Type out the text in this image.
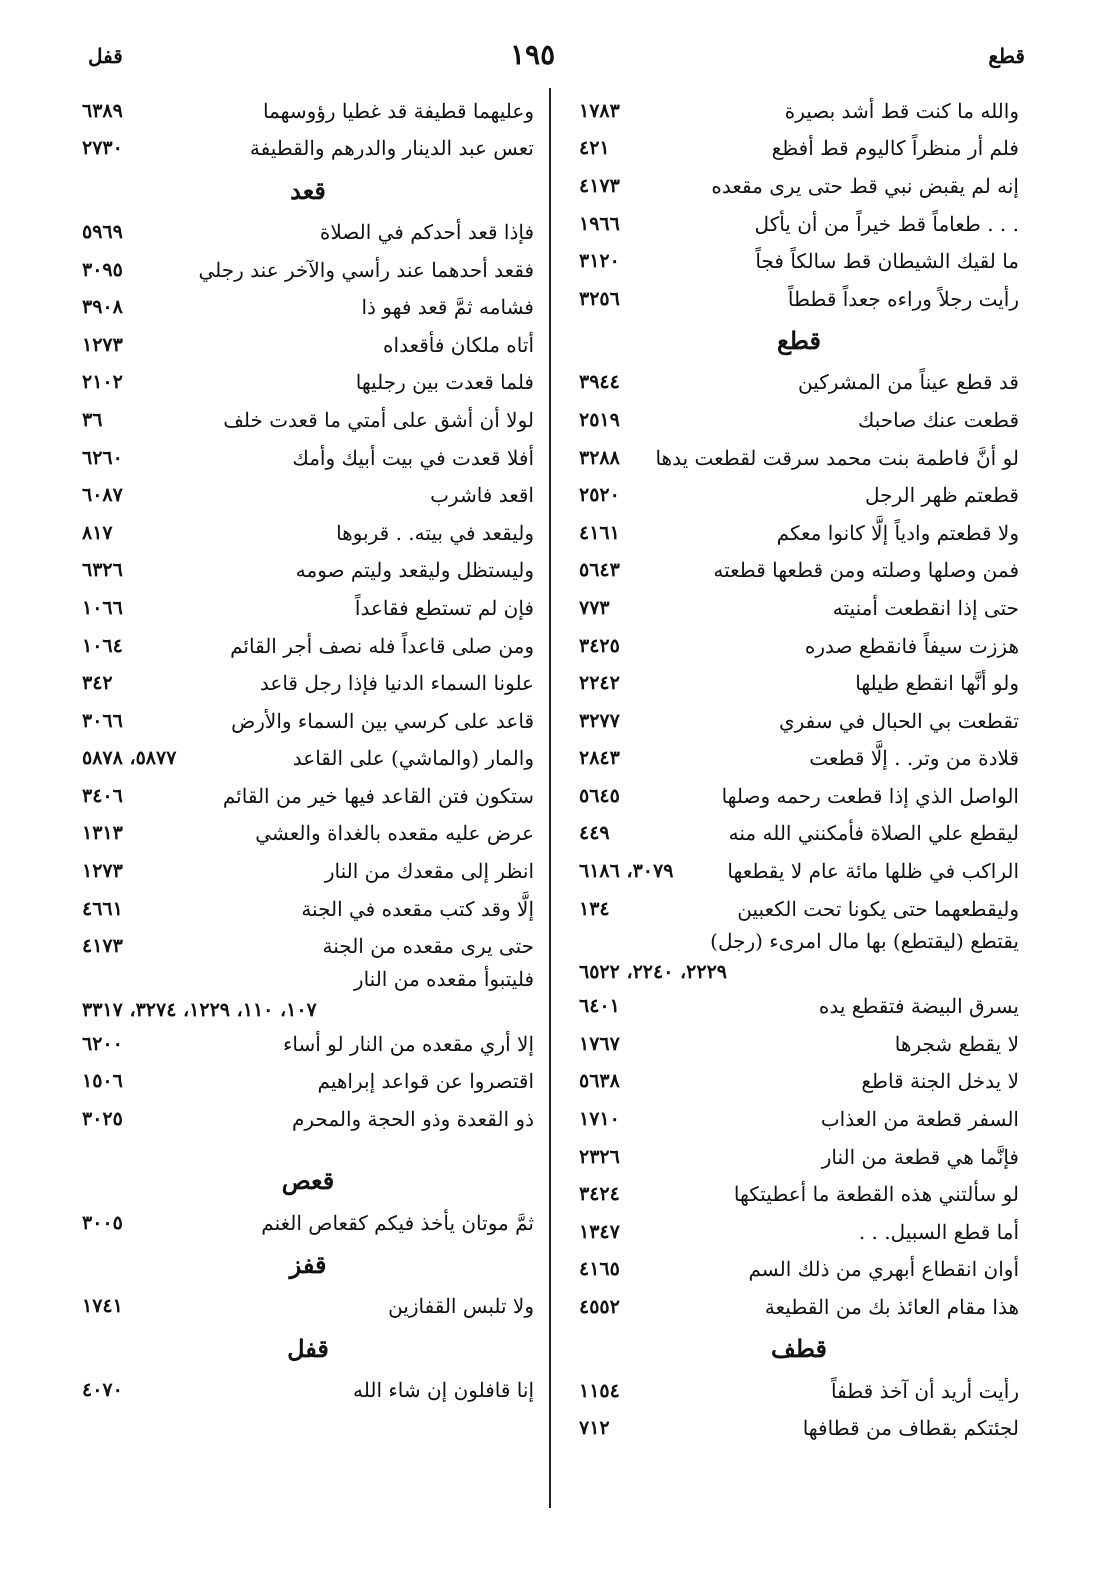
قطع
١٩٥
قفل
والله ما كنت قط أشد بصيرة
١٧٨٣
فلم أر منظراً كاليوم قط أفظع
٤٢١
إنه لم يقبض نبي قط حتى يرى مقعده
٤١٧٣
. . . طعاماً قط خيراً من أن يأكل
١٩٦٦
ما لقيك الشيطان قط سالكاً فجاً
٣١٢٠
رأيت رجلاً وراءه جعداً قططاً
٣٢٥٦
قطع
قد قطع عيناً من المشركين
٣٩٤٤
قطعت عنك صاحبك
٢٥١٩
لو أنَّ فاطمة بنت محمد سرقت لقطعت يدها
٣٢٨٨
قطعتم ظهر الرجل
٢٥٢٠
ولا قطعتم وادياً إلَّا كانوا معكم
٤١٦١
فمن وصلها وصلته ومن قطعها قطعته
٥٦٤٣
حتى إذا انقطعت أمنيته
٧٧٣
هززت سيفاً فانقطع صدره
٣٤٢٥
ولو أنَّها انقطع طيلها
٢٢٤٢
تقطعت بي الحبال في سفري
٣٢٧٧
قلادة من وتر. . إلَّا قطعت
٢٨٤٣
الواصل الذي إذا قطعت رحمه وصلها
٥٦٤٥
ليقطع علي الصلاة فأمكنني الله منه
٤٤٩
الراكب في ظلها مائة عام لا يقطعها
٣٠٧٩، ٦١٨٦
وليقطعهما حتى يكونا تحت الكعبين
١٣٤
يقتطع (ليقتطع) بها مال امرىء (رجل)
٢٢٢٩، ٢٢٤٠، ٦٥٢٢
يسرق البيضة فتقطع يده
٦٤٠١
لا يقطع شجرها
١٧٦٧
لا يدخل الجنة قاطع
٥٦٣٨
السفر قطعة من العذاب
١٧١٠
فإنَّما هي قطعة من النار
٢٣٢٦
لو سألتني هذه القطعة ما أعطيتكها
٣٤٢٤
أما قطع السبيل. . .
١٣٤٧
أوان انقطاع أبهري من ذلك السم
٤١٦٥
هذا مقام العائذ بك من القطيعة
٤٥٥٢
قطف
رأيت أريد أن آخذ قطفاً
١١٥٤
لجئتكم بقطاف من قطافها
٧١٢
وعليهما قطيفة قد غطيا رؤوسهما
٦٣٨٩
تعس عبد الدينار والدرهم والقطيفة
٢٧٣٠
قعد
فإذا قعد أحدكم في الصلاة
٥٩٦٩
فقعد أحدهما عند رأسي والآخر عند رجلي
٣٠٩٥
فشامه ثمَّ قعد فهو ذا
٣٩٠٨
أتاه ملكان فأقعداه
١٢٧٣
فلما قعدت بين رجليها
٢١٠٢
لولا أن أشق على أمتي ما قعدت خلف
٣٦
أفلا قعدت في بيت أبيك وأمك
٦٢٦٠
اقعد فاشرب
٦٠٨٧
وليقعد في بيته. . قربوها
٨١٧
وليستظل وليقعد وليتم صومه
٦٣٢٦
فإن لم تستطع فقاعداً
١٠٦٦
ومن صلى قاعداً فله نصف أجر القائم
١٠٦٤
علونا السماء الدنيا فإذا رجل قاعد
٣٤٢
قاعد على كرسي بين السماء والأرض
٣٠٦٦
والمار (والماشي) على القاعد
٥٨٧٧، ٥٨٧٨
ستكون فتن القاعد فيها خير من القائم
٣٤٠٦
عرض عليه مقعده بالغداة والعشي
١٣١٣
انظر إلى مقعدك من النار
١٢٧٣
إلَّا وقد كتب مقعده في الجنة
٤٦٦١
حتى يرى مقعده من الجنة
٤١٧٣
فليتبوأ مقعده من النار
١٠٧، ١١٠، ١٢٢٩، ٣٢٧٤، ٣٣١٧
إلا أري مقعده من النار لو أساء
٦٢٠٠
اقتصروا عن قواعد إبراهيم
١٥٠٦
ذو القعدة وذو الحجة والمحرم
٣٠٢٥
قعص
ثمَّ موتان يأخذ فيكم كقعاص الغنم
٣٠٠٥
قفز
ولا تلبس القفازين
١٧٤١
قفل
إنا قافلون إن شاء الله
٤٠٧٠
